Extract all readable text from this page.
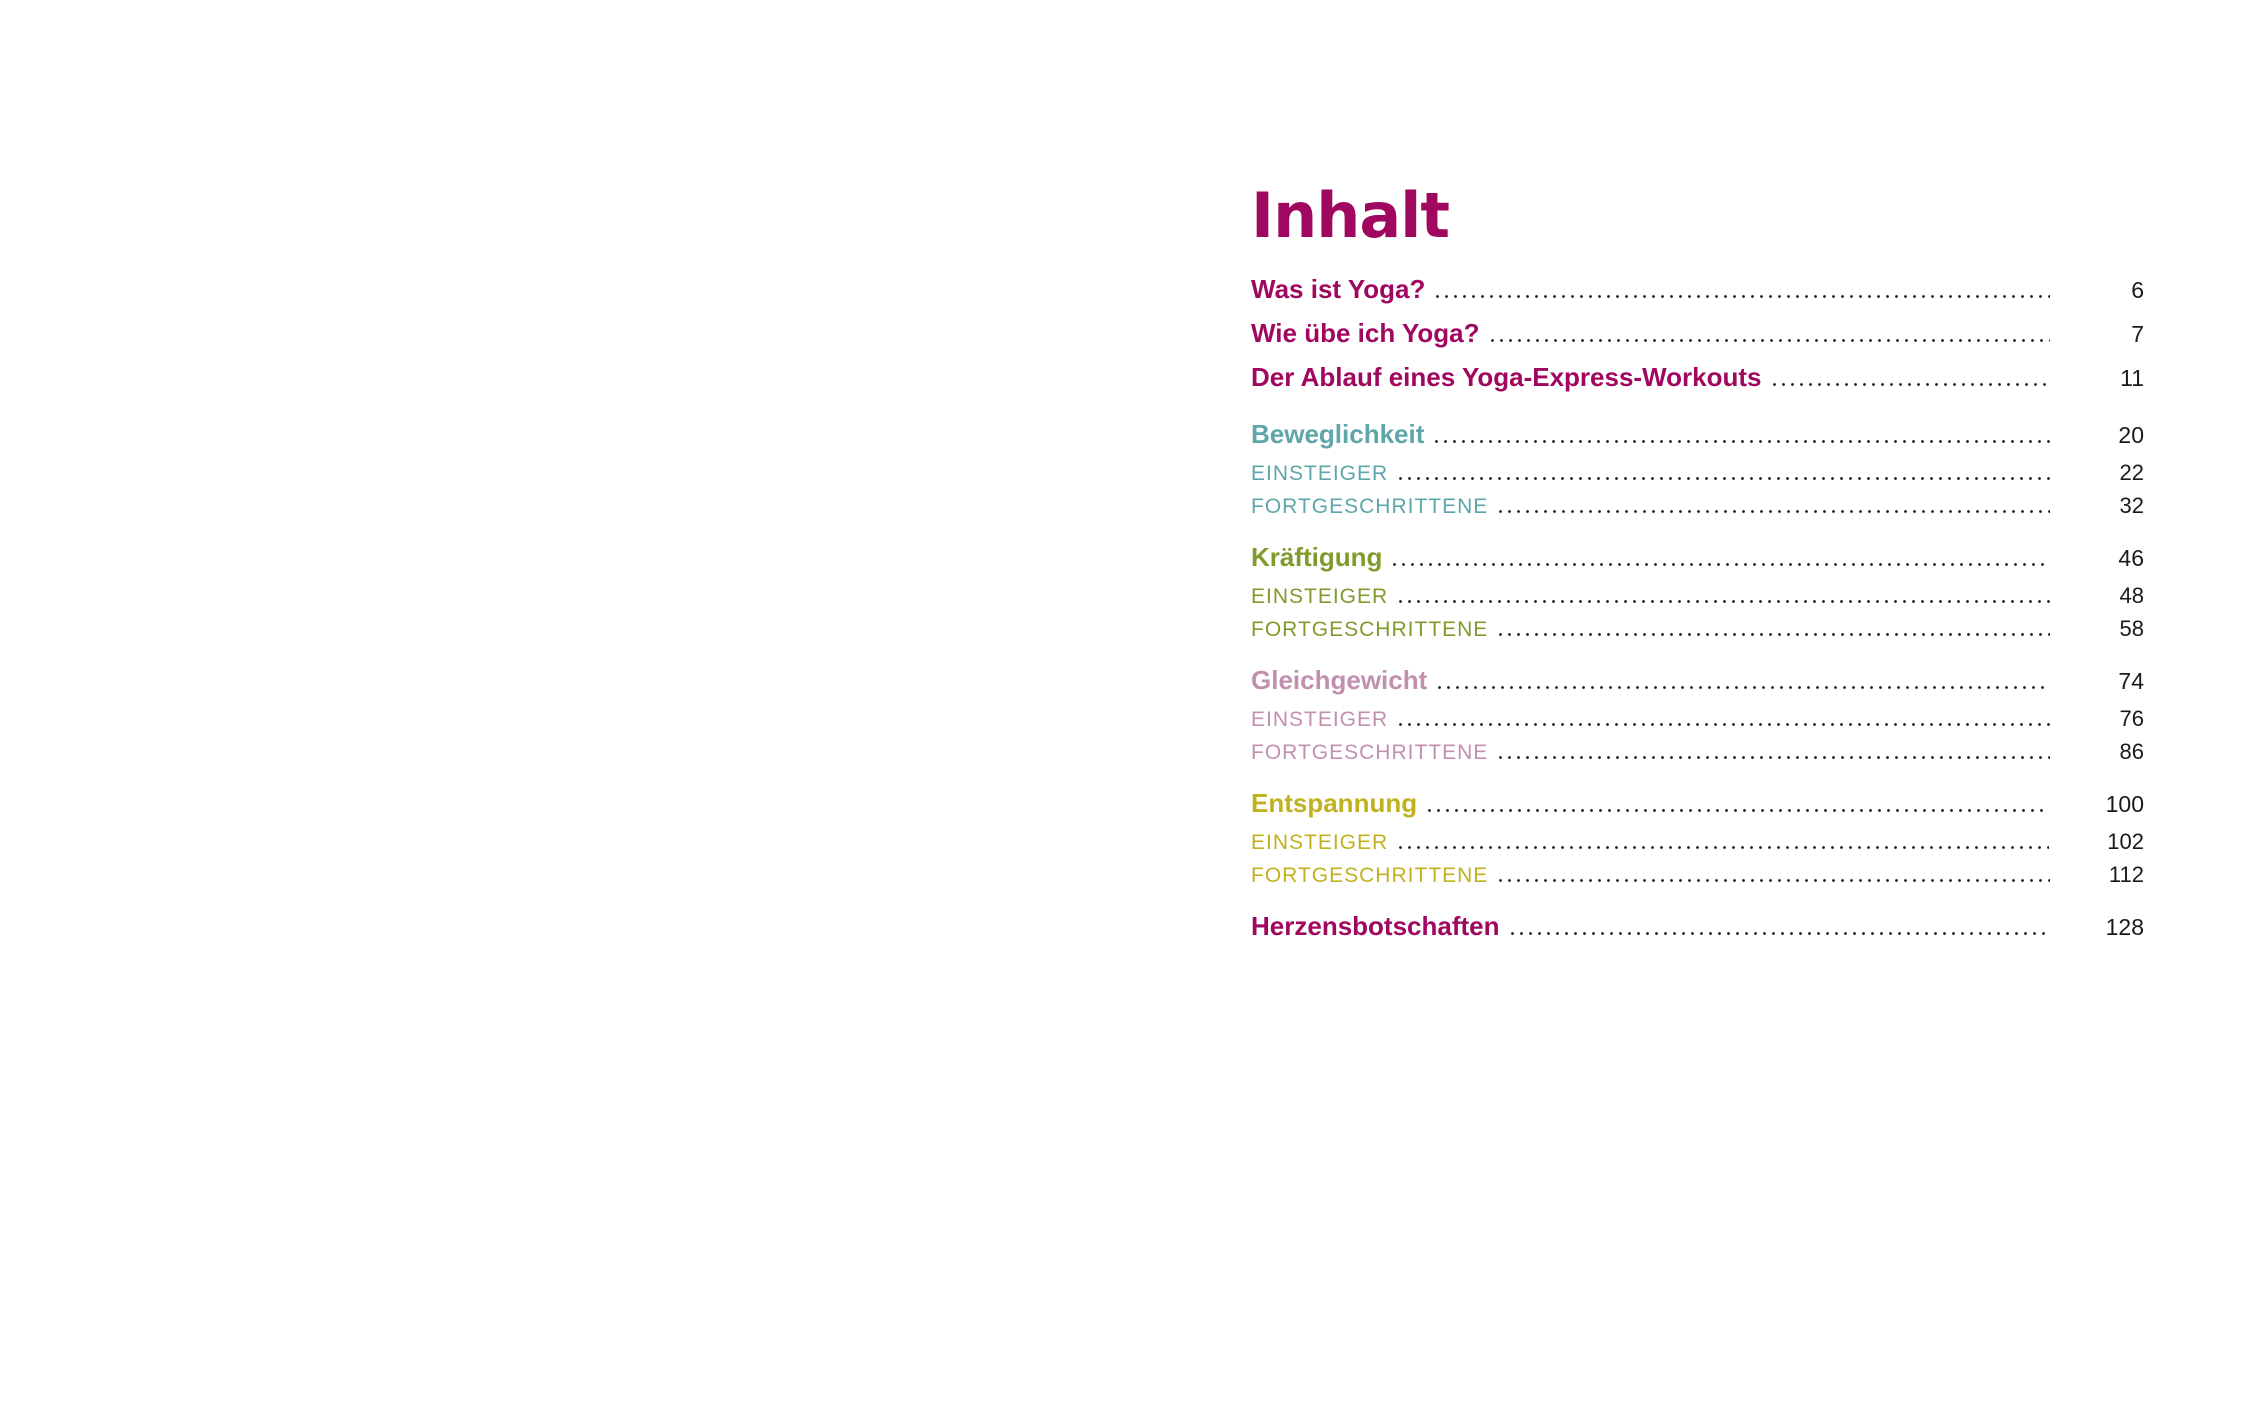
Inhalt
Was ist Yoga?	6
Wie übe ich Yoga?	7
Der Ablauf eines Yoga-Express-Workouts	11
Beweglichkeit	20
EINSTEIGER	22
FORTGESCHRITTENE	32
Kräftigung	46
EINSTEIGER	48
FORTGESCHRITTENE	58
Gleichgewicht	74
EINSTEIGER	76
FORTGESCHRITTENE	86
Entspannung	100
EINSTEIGER	102
FORTGESCHRITTENE	112
Herzensbotschaften	128
